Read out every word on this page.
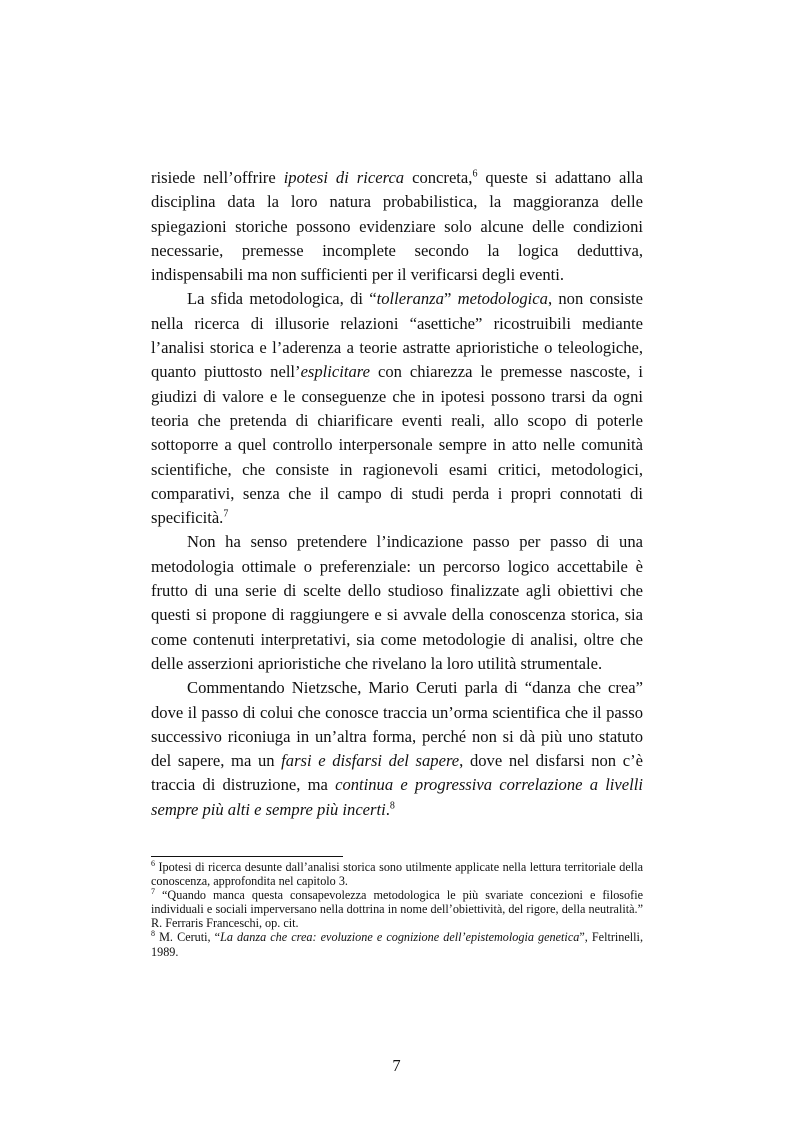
risiede nell’offrire ipotesi di ricerca concreta,$^6$ queste si adattano alla disciplina data la loro natura probabilistica, la maggioranza delle spiegazioni storiche possono evidenziare solo alcune delle condizioni necessarie, premesse incomplete secondo la logica deduttiva, indispensabili ma non sufficienti per il verificarsi degli eventi.

La sfida metodologica, di “tolleranza” metodologica, non consiste nella ricerca di illusorie relazioni “asettiche” ricostruibili mediante l’analisi storica e l’aderenza a teorie astratte aprioristiche o teleologiche, quanto piuttosto nell’esplicitare con chiarezza le premesse nascoste, i giudizi di valore e le conseguenze che in ipotesi possono trarsi da ogni teoria che pretenda di chiarificare eventi reali, allo scopo di poterle sottoporre a quel controllo interpersonale sempre in atto nelle comunità scientifiche, che consiste in ragionevoli esami critici, metodologici, comparativi, senza che il campo di studi perda i propri connotati di specificità.$^7$

Non ha senso pretendere l’indicazione passo per passo di una metodologia ottimale o preferenziale: un percorso logico accettabile è frutto di una serie di scelte dello studioso finalizzate agli obiettivi che questi si propone di raggiungere e si avvale della conoscenza storica, sia come contenuti interpretativi, sia come metodologie di analisi, oltre che delle asserzioni aprioristiche che rivelano la loro utilità strumentale.

Commentando Nietzsche, Mario Ceruti parla di “danza che crea” dove il passo di colui che conosce traccia un’orma scientifica che il passo successivo riconiuga in un’altra forma, perché non si dà più uno statuto del sapere, ma un farsi e disfarsi del sapere, dove nel disfarsi non c’è traccia di distruzione, ma continua e progressiva correlazione a livelli sempre più alti e sempre più incerti.$^8$

$^6$ Ipotesi di ricerca desunte dall’analisi storica sono utilmente applicate nella lettura territoriale della conoscenza, approfondita nel capitolo 3.

$^7$ “Quando manca questa consapevolezza metodologica le più svariate concezioni e filosofie individuali e sociali imperversano nella dottrina in nome dell’obiettività, del rigore, della neutralità.” R. Ferraris Franceschi, op. cit.

$^8$ M. Ceruti, “La danza che crea: evoluzione e cognizione dell’epistemologia genetica”, Feltrinelli, 1989.

7
